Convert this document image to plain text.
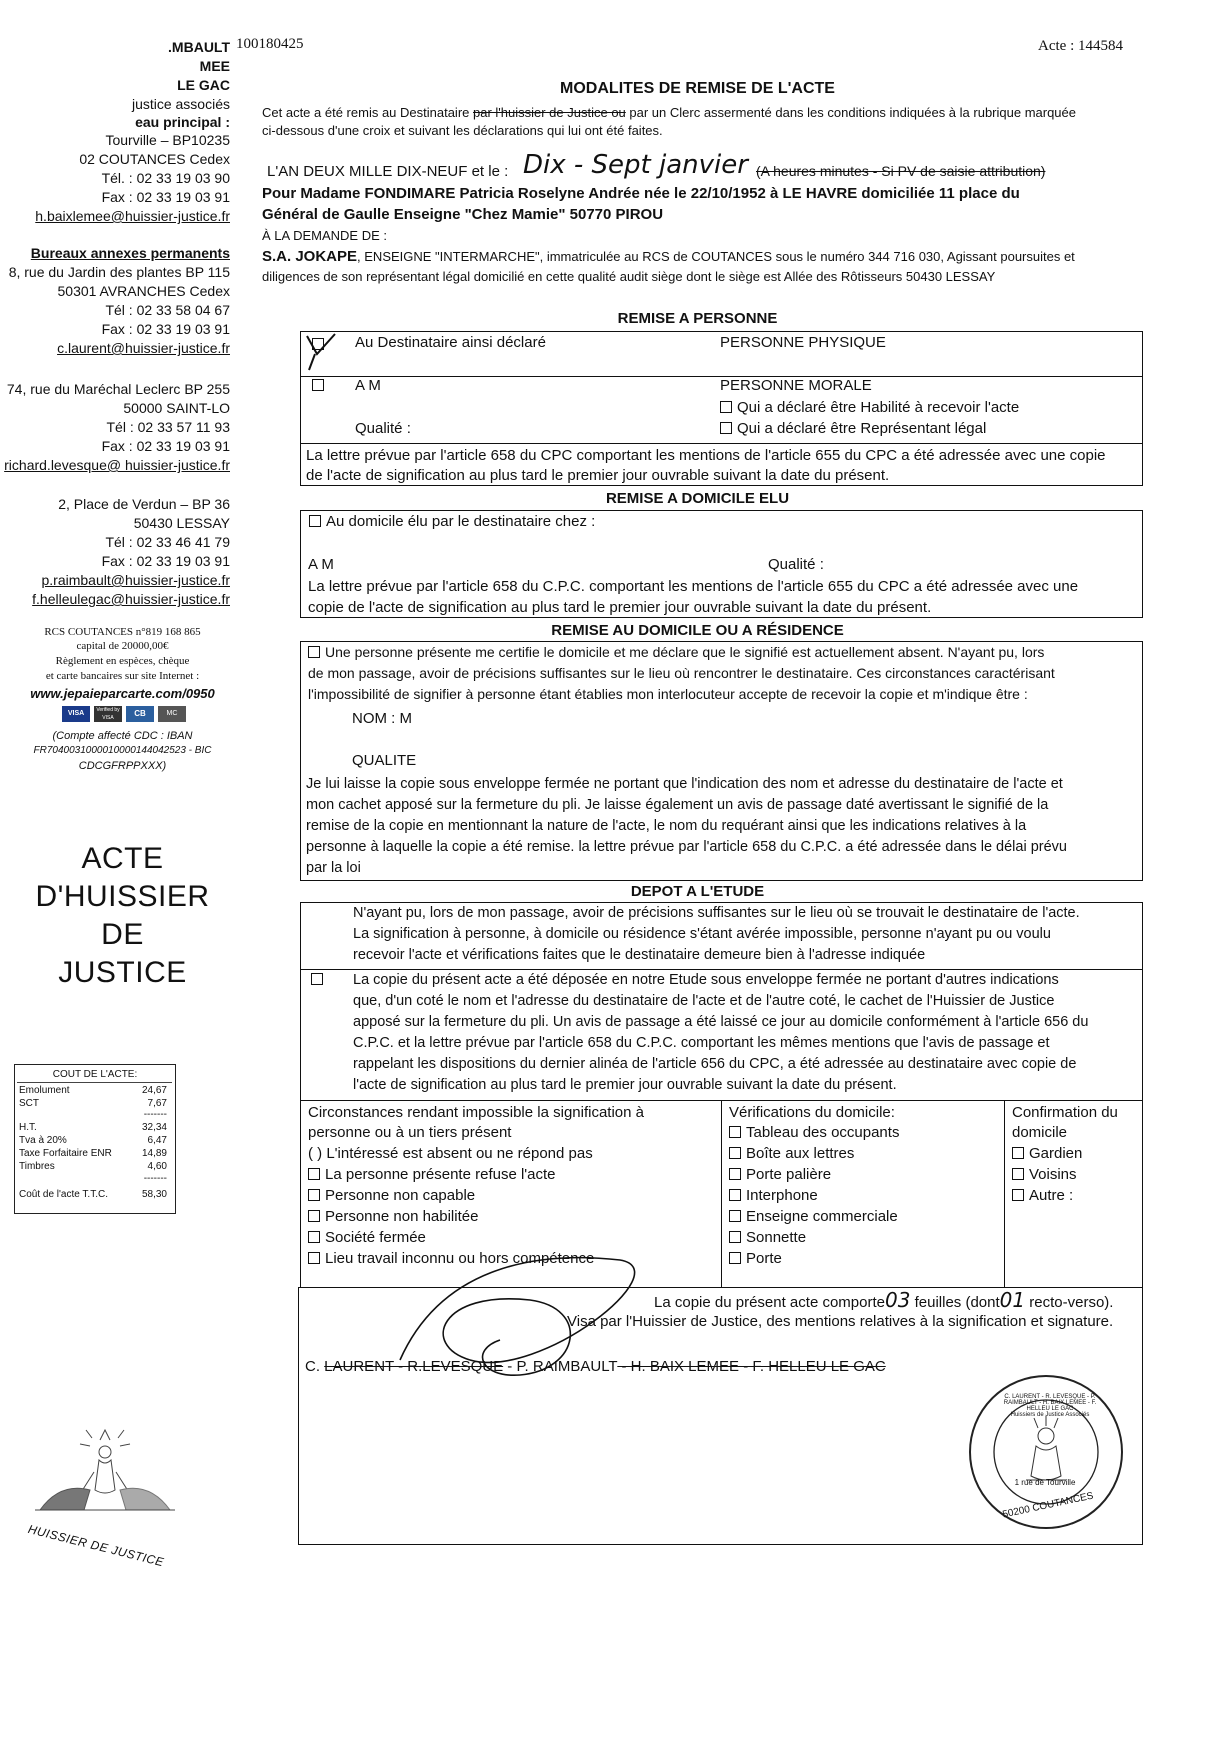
.MBAULT
MEE
LE GAC
justice associés
eau principal :
Tourville – BP10235
02 COUTANCES Cedex
Tél. : 02 33 19 03 90
Fax : 02 33 19 03 91
h.baixlemee@huissier-justice.fr
Bureaux annexes permanents
8, rue du Jardin des plantes BP 115
50301 AVRANCHES Cedex
Tél : 02 33 58 04 67
Fax : 02 33 19 03 91
c.laurent@huissier-justice.fr
74, rue du Maréchal Leclerc BP 255
50000 SAINT-LO
Tél : 02 33 57 11 93
Fax : 02 33 19 03 91
richard.levesque@ huissier-justice.fr
2, Place de Verdun – BP 36
50430 LESSAY
Tél : 02 33 46 41 79
Fax : 02 33 19 03 91
p.raimbault@huissier-justice.fr
f.helleulegac@huissier-justice.fr
RCS COUTANCES n°819 168 865
capital de 20000,00€
Règlement en espèces, chèque
et carte bancaires sur site Internet :
www.jepaieparcarte.com/0950
VISA	Verified by VISA	CB	MC
(Compte affecté CDC : IBAN
FR7040031000010000144042523 - BIC
CDCGFRPPXXX)
ACTE
D'HUISSIER
DE
JUSTICE
COUT DE L'ACTE:
Emolument	24,67
SCT	7,67
-------
H.T.	32,34
Tva à 20%	6,47
Taxe Forfaitaire ENR	14,89
Timbres	4,60
-------
Coût de l'acte T.T.C.	58,30
HUISSIER DE JUSTICE
100180425	Acte : 144584
MODALITES DE REMISE DE L'ACTE
Cet acte a été remis au Destinataire par l'huissier de Justice ou par un Clerc assermenté dans les conditions indiquées à la rubrique marquée
ci-dessous d'une croix et suivant les déclarations qui lui ont été faites.
L'AN DEUX MILLE DIX-NEUF et le : Dix - Sept janvier (A heures minutes - Si PV de saisie attribution)
Pour Madame FONDIMARE Patricia Roselyne Andrée née le 22/10/1952 à LE HAVRE domiciliée 11 place du
Général de Gaulle Enseigne "Chez Mamie" 50770 PIROU
À LA DEMANDE DE :
S.A. JOKAPE, ENSEIGNE "INTERMARCHE", immatriculée au RCS de COUTANCES sous le numéro 344 716 030, Agissant poursuites et
diligences de son représentant légal domicilié en cette qualité audit siège dont le siège est Allée des Rôtisseurs 50430 LESSAY
REMISE A PERSONNE
Au Destinataire ainsi déclaré	PERSONNE PHYSIQUE
A M
Qualité :
PERSONNE MORALE
Qui a déclaré être Habilité à recevoir l'acte
Qui a déclaré être Représentant légal
La lettre prévue par l'article 658 du CPC comportant les mentions de l'article 655 du CPC a été adressée avec une copie
de l'acte de signification au plus tard le premier jour ouvrable suivant la date du présent.
REMISE A DOMICILE ELU
Au domicile élu par le destinataire chez :
A M	Qualité :
La lettre prévue par l'article 658 du C.P.C. comportant les mentions de l'article 655 du CPC a été adressée avec une
copie de l'acte de signification au plus tard le premier jour ouvrable suivant la date du présent.
REMISE AU DOMICILE OU A RÉSIDENCE
Une personne présente me certifie le domicile et me déclare que le signifié est actuellement absent. N'ayant pu, lors
de mon passage, avoir de précisions suffisantes sur le lieu où rencontrer le destinataire. Ces circonstances caractérisant
l'impossibilité de signifier à personne étant établies mon interlocuteur accepte de recevoir la copie et m'indique être :
NOM : M
QUALITE
Je lui laisse la copie sous enveloppe fermée ne portant que l'indication des nom et adresse du destinataire de l'acte et
mon cachet apposé sur la fermeture du pli. Je laisse également un avis de passage daté avertissant le signifié de la
remise de la copie en mentionnant la nature de l'acte, le nom du requérant ainsi que les indications relatives à la
personne à laquelle la copie a été remise. la lettre prévue par l'article 658 du C.P.C. a été adressée dans le délai prévu
par la loi
DEPOT A L'ETUDE
N'ayant pu, lors de mon passage, avoir de précisions suffisantes sur le lieu où se trouvait le destinataire de l'acte.
La signification à personne, à domicile ou résidence s'étant avérée impossible, personne n'ayant pu ou voulu
recevoir l'acte et vérifications faites que le destinataire demeure bien à l'adresse indiquée
La copie du présent acte a été déposée en notre Etude sous enveloppe fermée ne portant d'autres indications
que, d'un coté le nom et l'adresse du destinataire de l'acte et de l'autre coté, le cachet de l'Huissier de Justice
apposé sur la fermeture du pli. Un avis de passage a été laissé ce jour au domicile conformément à l'article 656 du
C.P.C. et la lettre prévue par l'article 658 du C.P.C. comportant les mêmes mentions que l'avis de passage et
rappelant les dispositions du dernier alinéa de l'article 656 du CPC, a été adressée au destinataire avec copie de
l'acte de signification au plus tard le premier jour ouvrable suivant la date du présent.
Circonstances rendant impossible la signification à
personne ou à un tiers présent
( ) L'intéressé est absent ou ne répond pas
La personne présente refuse l'acte
Personne non capable
Personne non habilitée
Société fermée
Lieu travail inconnu ou hors compétence
Vérifications du domicile:
Tableau des occupants
Boîte aux lettres
Porte palière
Interphone
Enseigne commerciale
Sonnette
Porte
Confirmation du
domicile
Gardien
Voisins
Autre :
La copie du présent acte comporte03 feuilles (dont01 recto-verso).
Visa par l'Huissier de Justice, des mentions relatives à la signification et signature.
C. LAURENT - R.LEVESQUE - P. RAIMBAULT - H. BAIX LEMEE - F. HELLEU LE GAC
1 rue de Tourville
50200 COUTANCES
C. LAURENT - R. LEVESQUE - P. RAIMBAULT - H. BAIX LEMEE - F. HELLEU LE GAC
Huissiers de Justice Associés
